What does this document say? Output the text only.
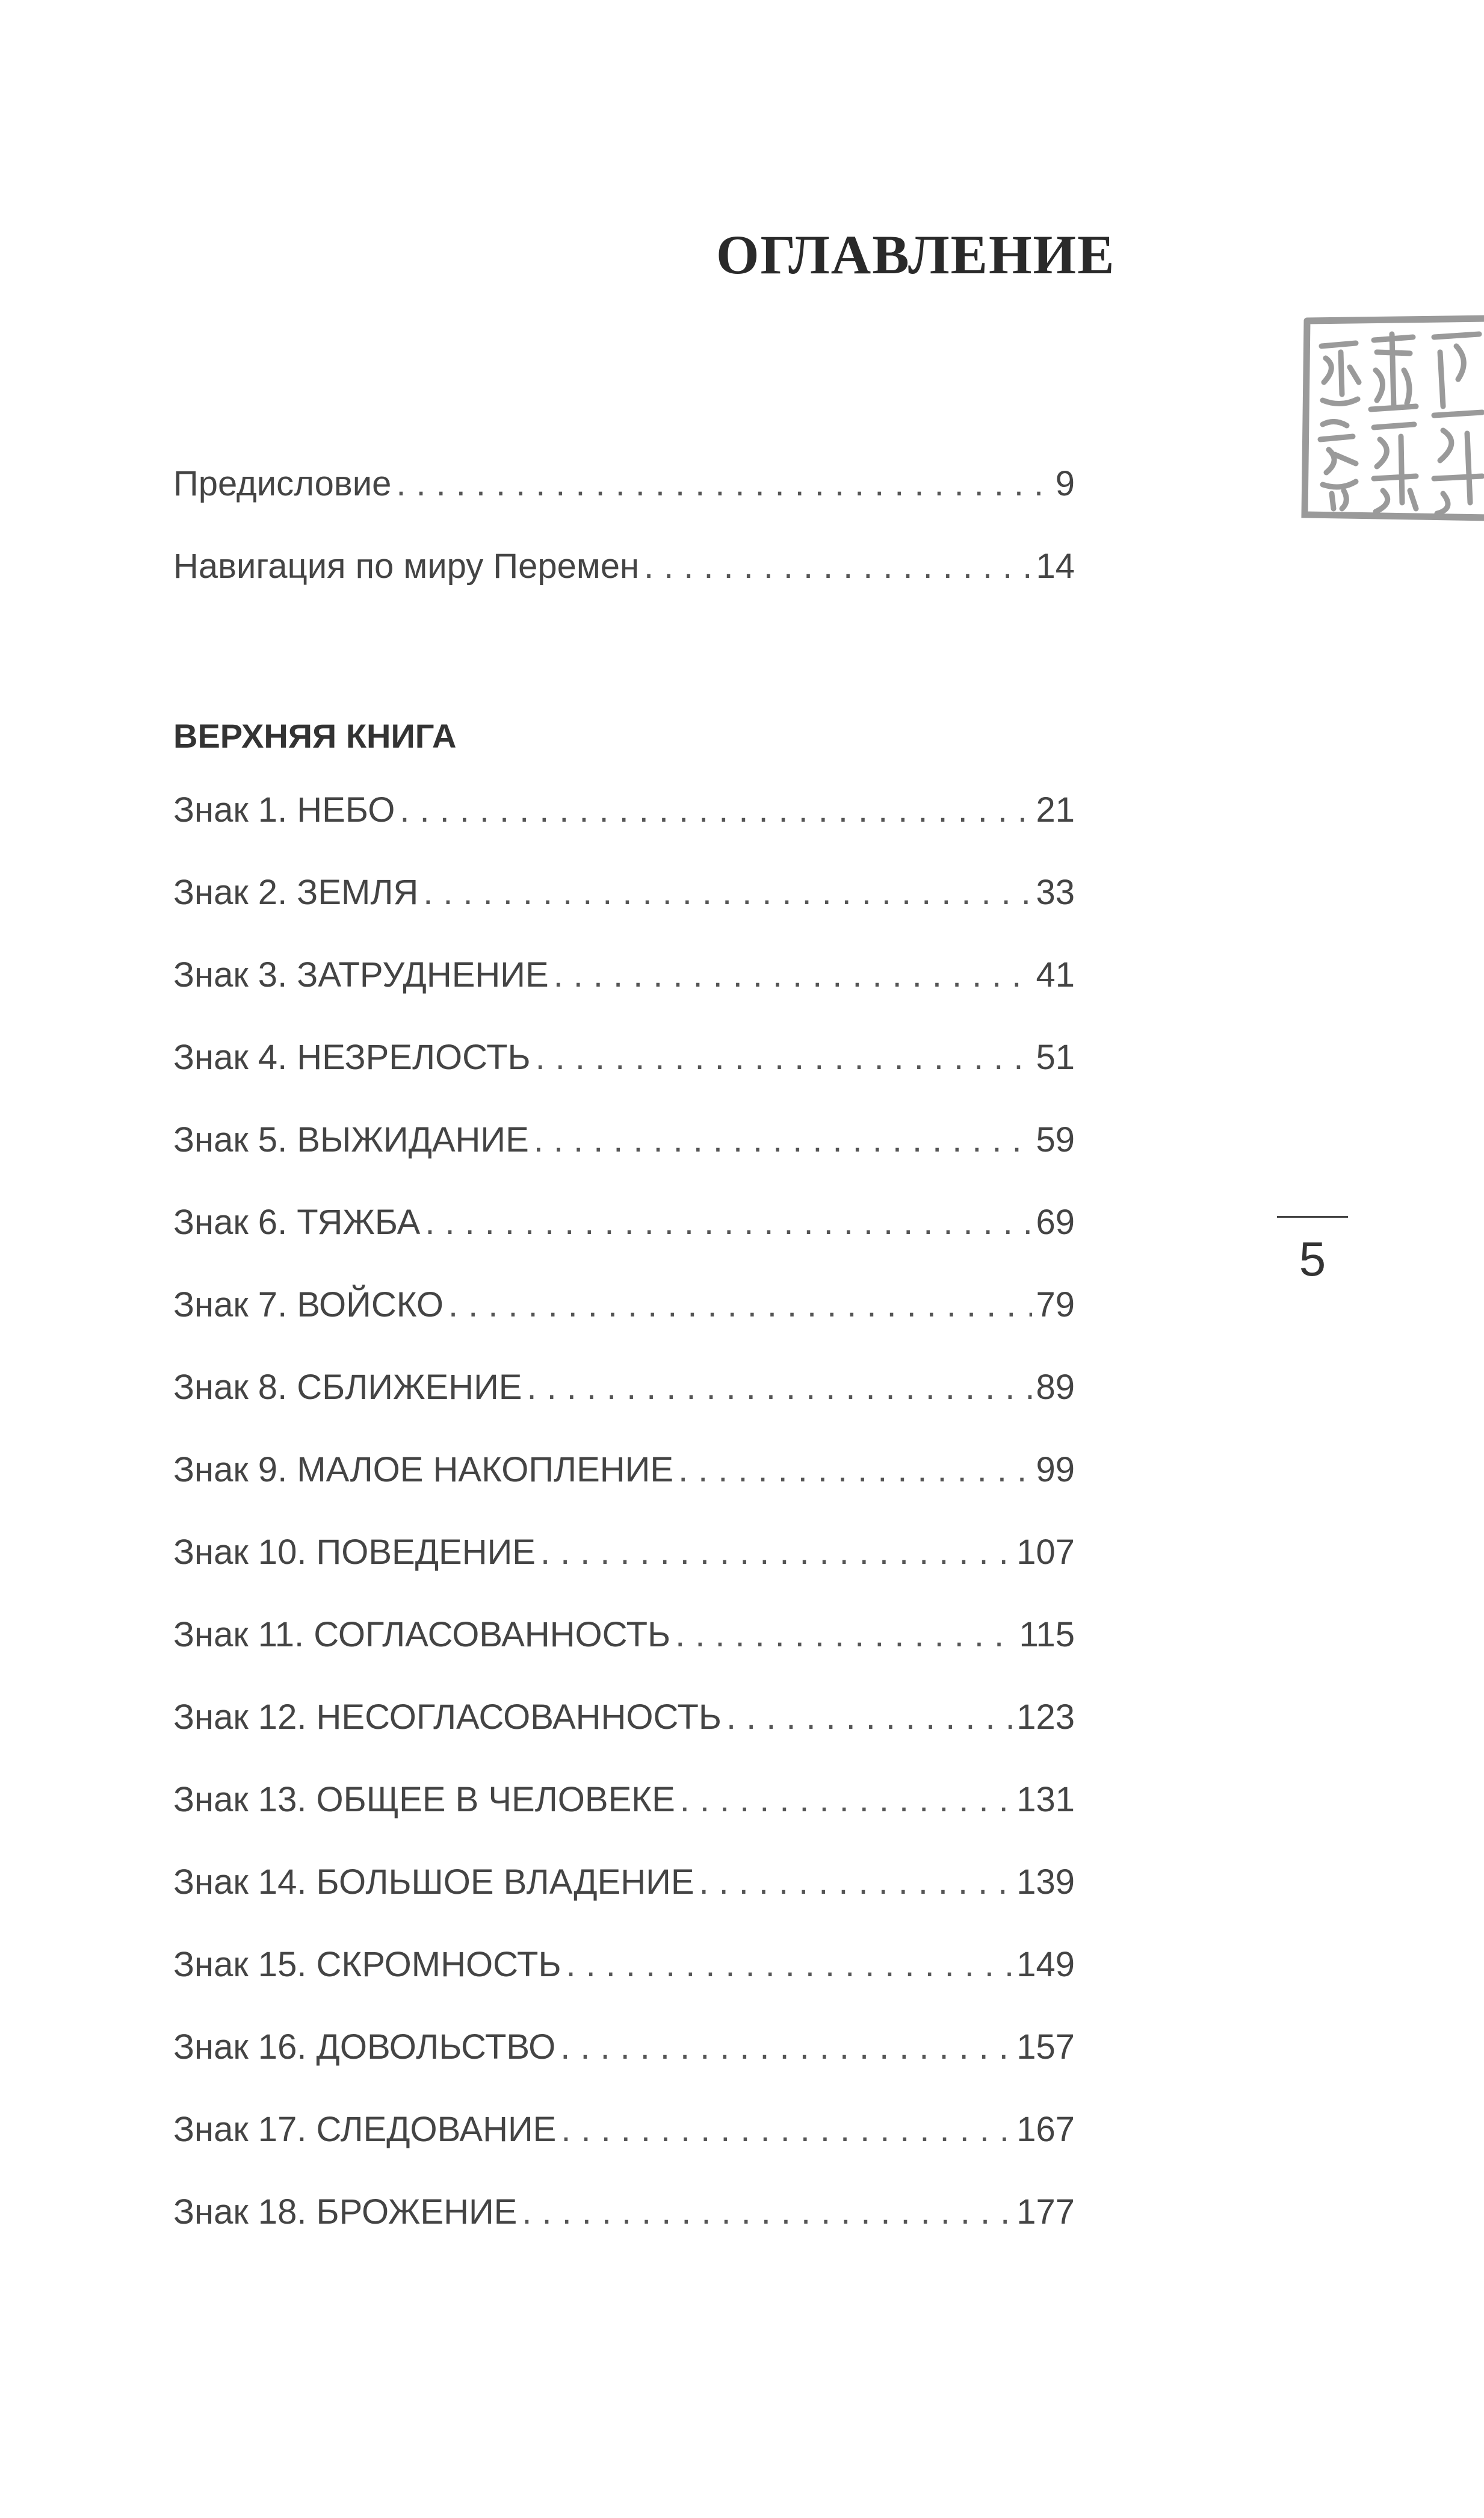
ОГЛАВЛЕНИЕ
Предисловие .....	9
Навигация по миру Перемен .....	14
ВЕРХНЯЯ КНИГА
Знак 1. НЕБО .....	21
Знак 2. ЗЕМЛЯ .....	33
Знак 3. ЗАТРУДНЕНИЕ .....	41
Знак 4. НЕЗРЕЛОСТЬ .....	51
Знак 5. ВЫЖИДАНИЕ .....	59
Знак 6. ТЯЖБА .....	69
Знак 7. ВОЙСКО .....	79
Знак 8. СБЛИЖЕНИЕ .....	89
Знак 9. МАЛОЕ НАКОПЛЕНИЕ .....	99
Знак 10. ПОВЕДЕНИЕ .....	107
Знак 11. СОГЛАСОВАННОСТЬ .....	115
Знак 12. НЕСОГЛАСОВАННОСТЬ .....	123
Знак 13. ОБЩЕЕ В ЧЕЛОВЕКЕ .....	131
Знак 14. БОЛЬШОЕ ВЛАДЕНИЕ .....	139
Знак 15. СКРОМНОСТЬ .....	149
Знак 16. ДОВОЛЬСТВО .....	157
Знак 17. СЛЕДОВАНИЕ .....	167
Знак 18. БРОЖЕНИЕ .....	177
5
